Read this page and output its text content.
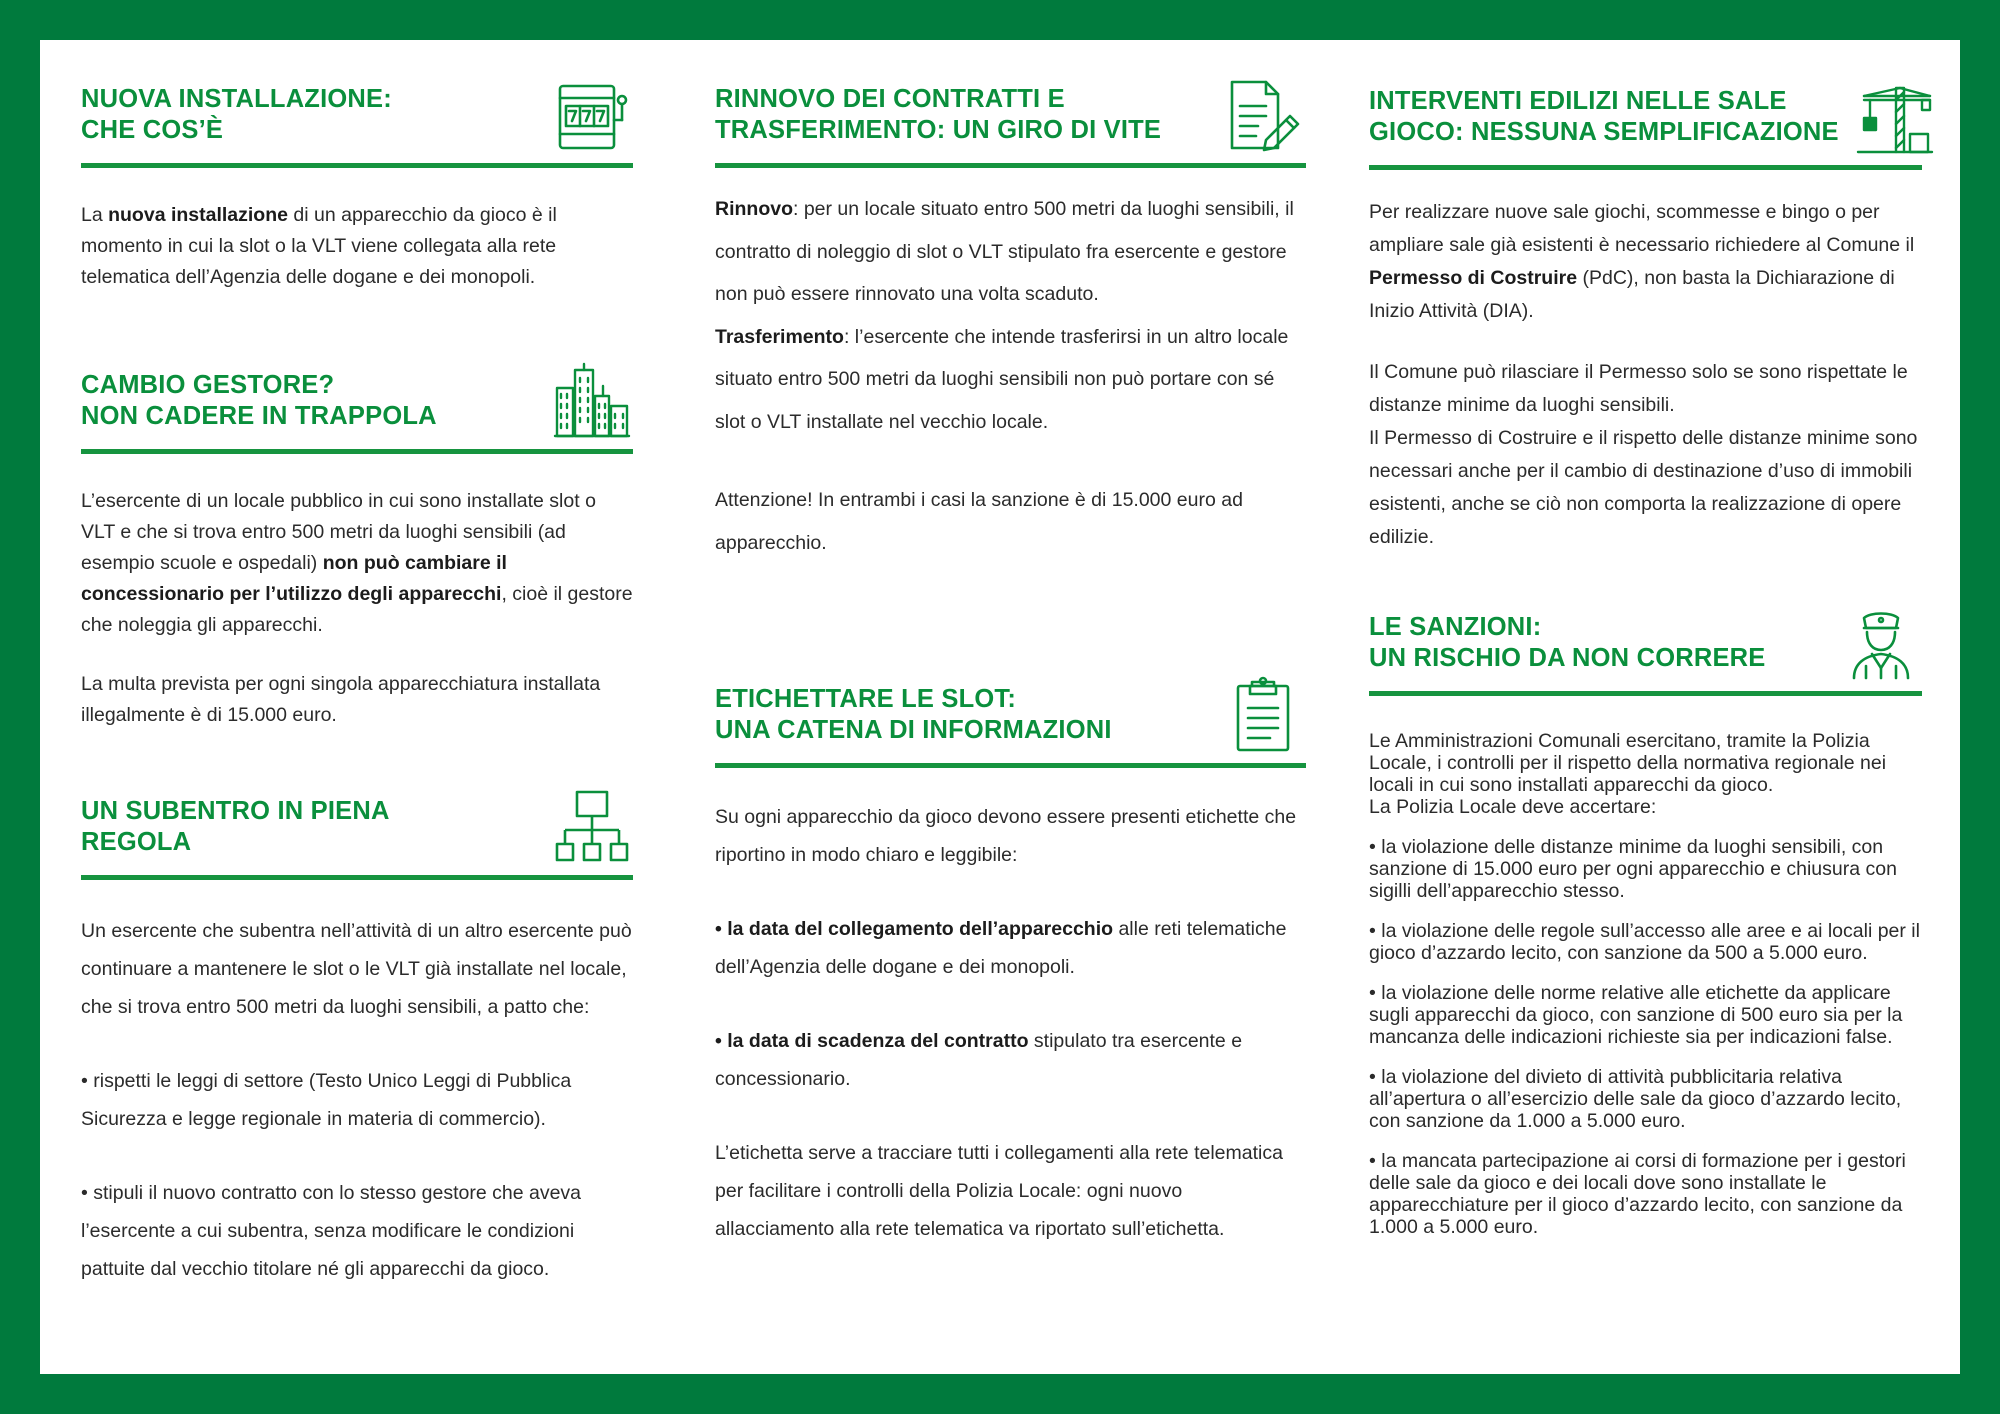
NUOVA INSTALLAZIONE:
CHE COS’È

La nuova installazione di un apparecchio da gioco è il momento in cui la slot o la VLT viene collegata alla rete telematica dell’Agenzia delle dogane e dei monopoli.

CAMBIO GESTORE?
NON CADERE IN TRAPPOLA

L’esercente di un locale pubblico in cui sono installate slot o VLT e che si trova entro 500 metri da luoghi sensibili (ad esempio scuole e ospedali) non può cambiare il concessionario per l’utilizzo degli apparecchi, cioè il gestore che noleggia gli apparecchi.

La multa prevista per ogni singola apparecchiatura installata illegalmente è di 15.000 euro.

UN SUBENTRO IN PIENA
REGOLA

Un esercente che subentra nell’attività di un altro esercente può continuare a mantenere le slot o le VLT già installate nel locale, che si trova entro 500 metri da luoghi sensibili, a patto che:

• rispetti le leggi di settore (Testo Unico Leggi di Pubblica Sicurezza e legge regionale in materia di commercio).

• stipuli il nuovo contratto con lo stesso gestore che aveva l’esercente a cui subentra, senza modificare le condizioni pattuite dal vecchio titolare né gli apparecchi da gioco.

RINNOVO DEI CONTRATTI E
TRASFERIMENTO: UN GIRO DI VITE

Rinnovo: per un locale situato entro 500 metri da luoghi sensibili, il contratto di noleggio di slot o VLT stipulato fra esercente e gestore non può essere rinnovato una volta scaduto.

Trasferimento: l’esercente che intende trasferirsi in un altro locale situato entro 500 metri da luoghi sensibili non può portare con sé slot o VLT installate nel vecchio locale.

Attenzione! In entrambi i casi la sanzione è di 15.000 euro ad apparecchio.

ETICHETTARE LE SLOT:
UNA CATENA DI INFORMAZIONI

Su ogni apparecchio da gioco devono essere presenti etichette che riportino in modo chiaro e leggibile:

• la data del collegamento dell’apparecchio alle reti telematiche dell’Agenzia delle dogane e dei monopoli.

• la data di scadenza del contratto stipulato tra esercente e concessionario.

L’etichetta serve a tracciare tutti i collegamenti alla rete telematica per facilitare i controlli della Polizia Locale: ogni nuovo allacciamento alla rete telematica va riportato sull’etichetta.

INTERVENTI EDILIZI NELLE SALE
GIOCO: NESSUNA SEMPLIFICAZIONE

Per realizzare nuove sale giochi, scommesse e bingo o per ampliare sale già esistenti è necessario richiedere al Comune il Permesso di Costruire (PdC), non basta la Dichiarazione di Inizio Attività (DIA).

Il Comune può rilasciare il Permesso solo se sono rispettate le distanze minime da luoghi sensibili.

Il Permesso di Costruire e il rispetto delle distanze minime sono necessari anche per il cambio di destinazione d’uso di immobili esistenti, anche se ciò non comporta la realizzazione di opere edilizie.

LE SANZIONI:
UN RISCHIO DA NON CORRERE

Le Amministrazioni Comunali esercitano, tramite la Polizia Locale, i controlli per il rispetto della normativa regionale nei locali in cui sono installati apparecchi da gioco.

La Polizia Locale deve accertare:

• la violazione delle distanze minime da luoghi sensibili, con sanzione di 15.000 euro per ogni apparecchio e chiusura con sigilli dell’apparecchio stesso.

• la violazione delle regole sull’accesso alle aree e ai locali per il gioco d’azzardo lecito, con sanzione da 500 a 5.000 euro.

• la violazione delle norme relative alle etichette da applicare sugli apparecchi da gioco, con sanzione di 500 euro sia per la mancanza delle indicazioni richieste sia per indicazioni false.

• la violazione del divieto di attività pubblicitaria relativa all’apertura o all’esercizio delle sale da gioco d’azzardo lecito, con sanzione da 1.000 a 5.000 euro.

• la mancata partecipazione ai corsi di formazione per i gestori delle sale da gioco e dei locali dove sono installate le apparecchiature per il gioco d’azzardo lecito, con sanzione da 1.000 a 5.000 euro.
